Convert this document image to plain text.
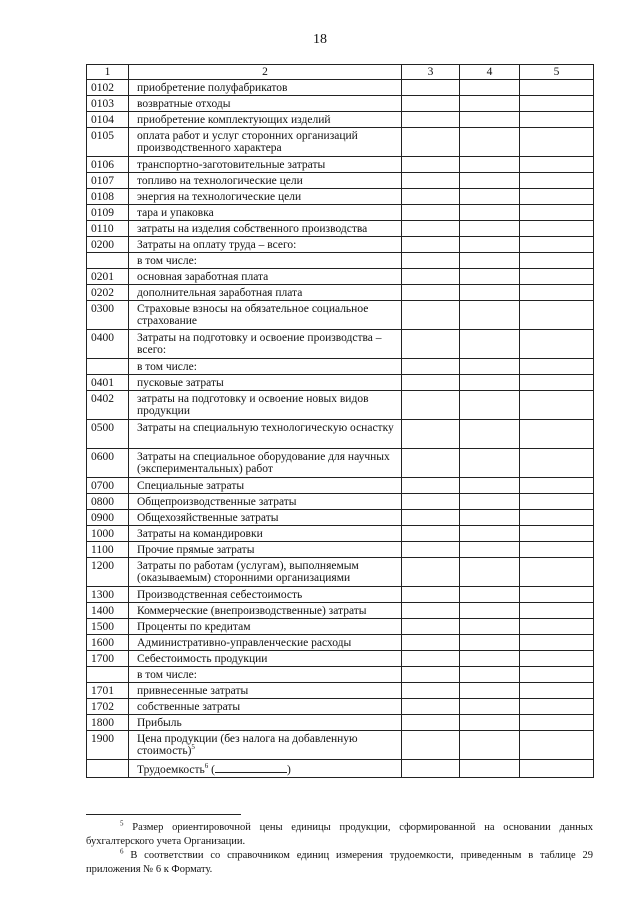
18
1	2	3	4	5
0102	приобретение полуфабрикатов			
0103	возвратные отходы			
0104	приобретение комплектующих изделий			
0105	оплата работ и услуг сторонних организаций производственного характера			
0106	транспортно-заготовительные затраты			
0107	топливо на технологические цели			
0108	энергия на технологические цели			
0109	тара и упаковка			
0110	затраты на изделия собственного производства			
0200	Затраты на оплату труда – всего:			
	в том числе:			
0201	основная заработная плата			
0202	дополнительная заработная плата			
0300	Страховые взносы на обязательное социальное страхование			
0400	Затраты на подготовку и освоение производства – всего:			
	в том числе:			
0401	пусковые затраты			
0402	затраты на подготовку и освоение новых видов продукции			
0500	Затраты на специальную технологическую оснастку			
0600	Затраты на специальное оборудование для научных (экспериментальных) работ			
0700	Специальные затраты			
0800	Общепроизводственные затраты			
0900	Общехозяйственные затраты			
1000	Затраты на командировки			
1100	Прочие прямые затраты			
1200	Затраты по работам (услугам), выполняемым (оказываемым) сторонними организациями			
1300	Производственная себестоимость			
1400	Коммерческие (внепроизводственные) затраты			
1500	Проценты по кредитам			
1600	Административно-управленческие расходы			
1700	Себестоимость продукции			
	в том числе:			
1701	привнесенные затраты			
1702	собственные затраты			
1800	Прибыль			
1900	Цена продукции (без налога на добавленную стоимость)$^5$			
	Трудоемкость$^6$ ( )			

$^5$ Размер ориентировочной цены единицы продукции, сформированной на основании данных бухгалтерского учета Организации.

$^6$ В соответствии со справочником единиц измерения трудоемкости, приведенным в таблице 29 приложения № 6 к Формату.
